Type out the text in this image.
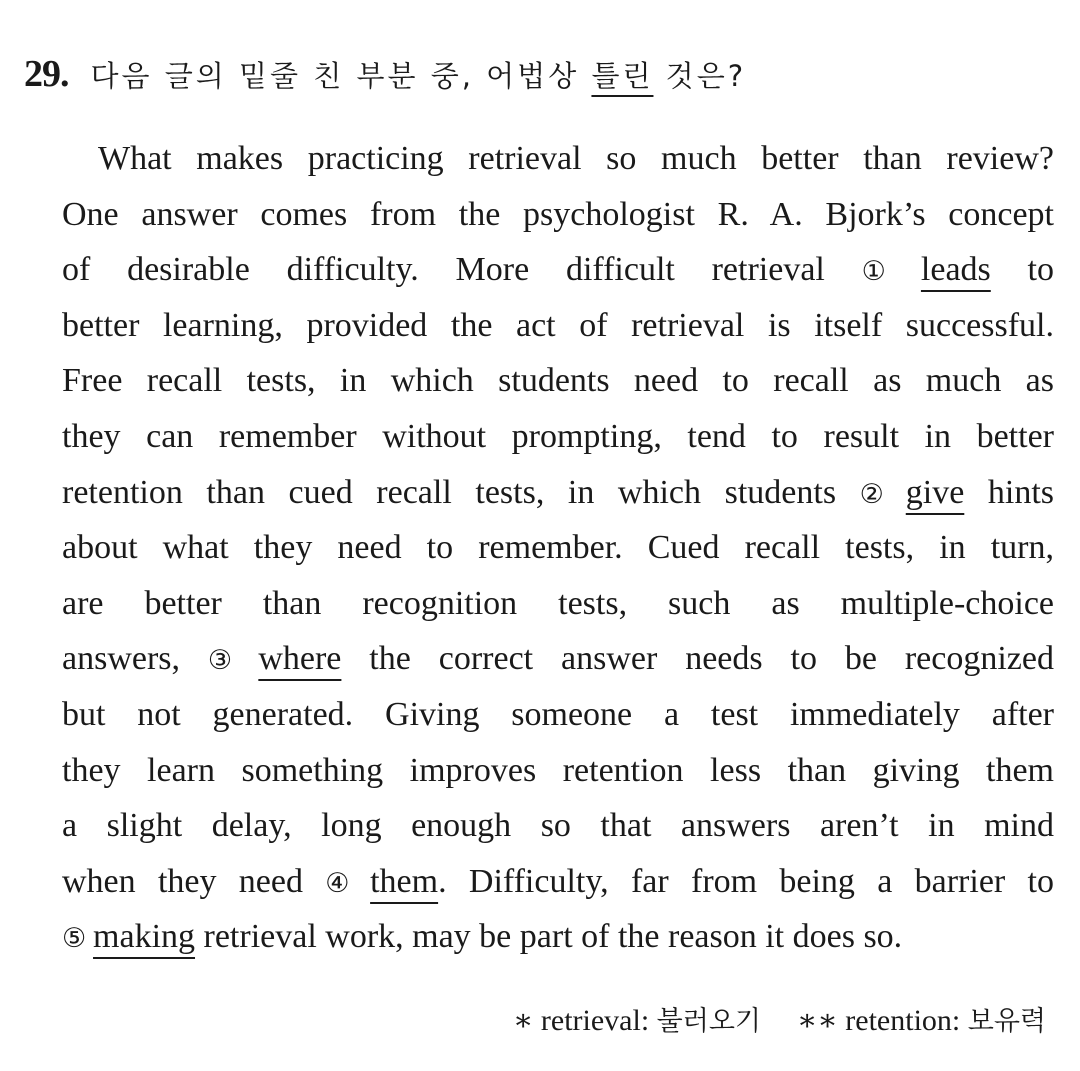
29. 다음 글의 밑줄 친 부분 중, 어법상 틀린 것은?
What makes practicing retrieval so much better than review?
One answer comes from the psychologist R. A. Bjork’s concept
of desirable difficulty. More difficult retrieval ①  leads to
better learning, provided the act of retrieval is itself successful.
Free recall tests, in which students need to recall as much as
they can remember without prompting, tend to result in better
retention than cued recall tests, in which students ②  give hints
about what they need to remember. Cued recall tests, in turn,
are better than recognition tests, such as multiple-choice
answers, ③  where the correct answer needs to be recognized
but not generated. Giving someone a test immediately after
they learn something improves retention less than giving them
a slight delay, long enough so that answers aren’t in mind
when they need ④  them. Difficulty, far from being a barrier to
⑤  making retrieval work, may be part of the reason it does so.
∗ retrieval: 불러오기 ∗∗ retention: 보유력
